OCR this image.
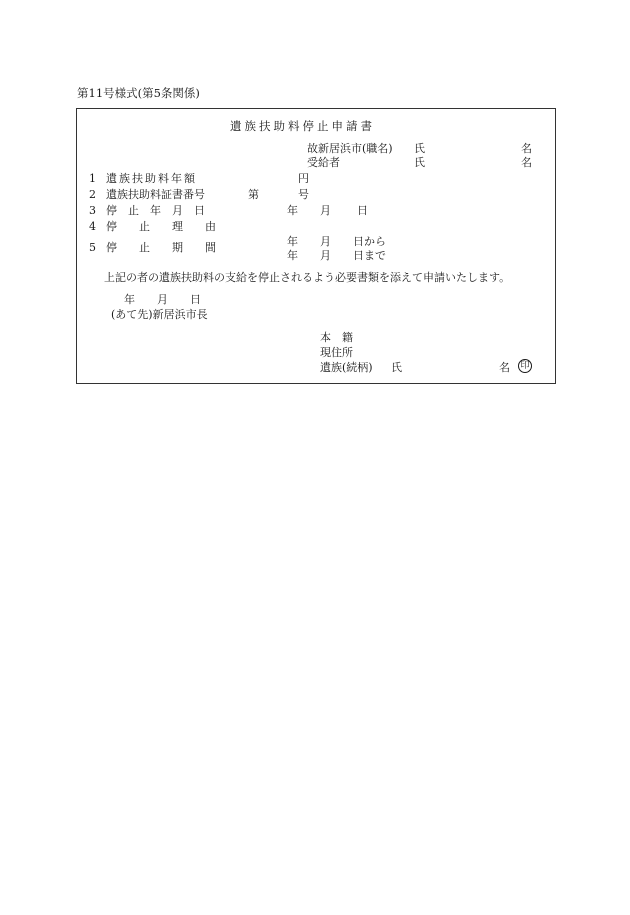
第11号様式(第5条関係)
遺族扶助料停止申請書
故新居浜市(職名) 氏	名
受給者	氏	名
1 遺族扶助料年額	円
2 遺族扶助料証書番号	第	号
3 停　止　年　月　日	年 月 日
4 停　　止　　理　　由
5 停　　止　　期　　間	年　　月　　日から
年　　月　　日まで
上記の者の遺族扶助料の支給を停止されるよう必要書類を添えて申請いたします。
年　　月　　日
(あて先)新居浜市長
本　籍
現住所
遺族(続柄) 氏	名 印
